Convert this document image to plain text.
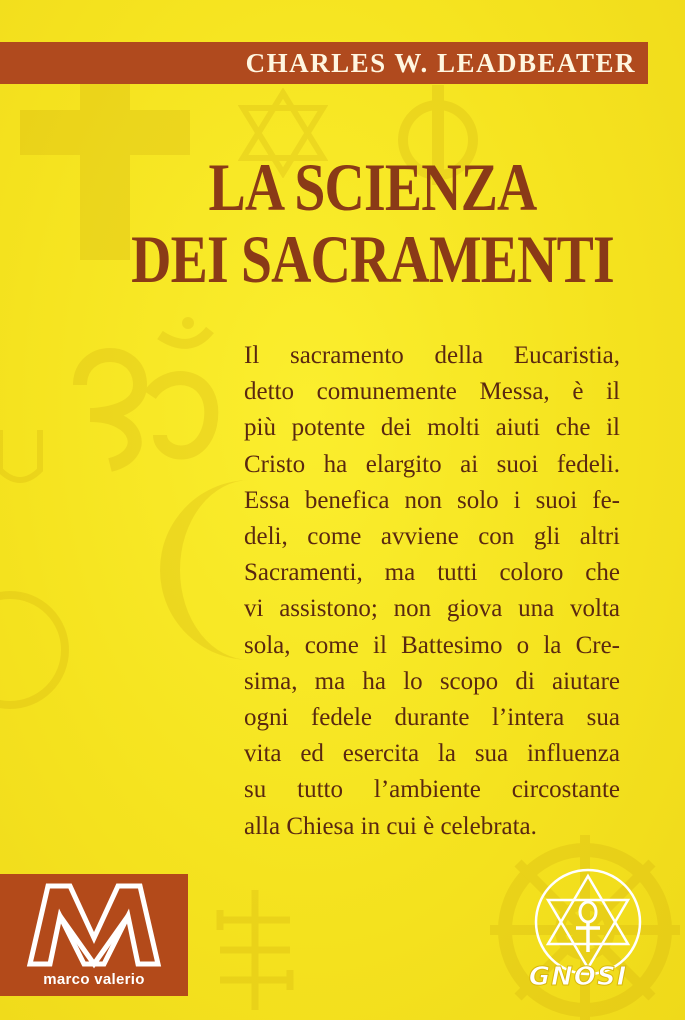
CHARLES W. LEADBEATER
LA SCIENZA
DEI SACRAMENTI
Il sacramento della Eucaristia,
detto comunemente Messa, è il
più potente dei molti aiuti che il
Cristo ha elargito ai suoi fedeli.
Essa benefica non solo i suoi fe-
deli, come avviene con gli altri
Sacramenti, ma tutti coloro che
vi assistono; non giova una volta
sola, come il Battesimo o la Cre-
sima, ma ha lo scopo di aiutare
ogni fedele durante l’intera sua
vita ed esercita la sua influenza
su tutto l’ambiente circostante
alla Chiesa in cui è celebrata.
marco valerio	GNOSI
